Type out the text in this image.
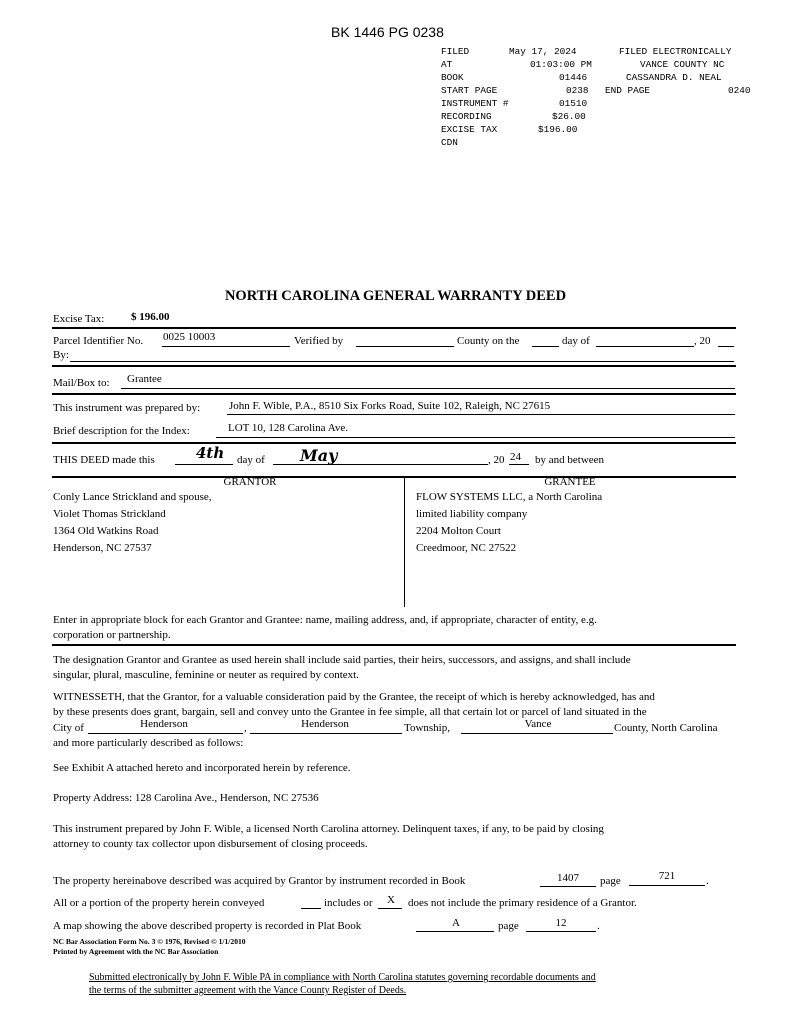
BK 1446 PG 0238
FILED	May 17, 2024	FILED ELECTRONICALLY
AT	01:03:00 PM	VANCE COUNTY NC
BOOK	01446	CASSANDRA D. NEAL
START PAGE	0238 END PAGE	0240
INSTRUMENT #	01510
RECORDING	$26.00
EXCISE TAX	$196.00
CDN
NORTH CAROLINA GENERAL WARRANTY DEED
Excise Tax: $ 196.00
Parcel Identifier No. 0025 10003	Verified by	County on the	day of	, 20
By:
Mail/Box to: Grantee
This instrument was prepared by:	John F. Wible, P.A., 8510 Six Forks Road, Suite 102, Raleigh, NC 27615
Brief description for the Index:	LOT 10, 128 Carolina Ave.
THIS DEED made this	4th day of May	, 20 24 by and between
GRANTOR	GRANTEE
Conly Lance Strickland and spouse,
Violet Thomas Strickland
1364 Old Watkins Road
Henderson, NC 27537
FLOW SYSTEMS LLC, a North Carolina
limited liability company
2204 Molton Court
Creedmoor, NC 27522
Enter in appropriate block for each Grantor and Grantee: name, mailing address, and, if appropriate, character of entity, e.g.
corporation or partnership.
The designation Grantor and Grantee as used herein shall include said parties, their heirs, successors, and assigns, and shall include
singular, plural, masculine, feminine or neuter as required by context.
WITNESSETH, that the Grantor, for a valuable consideration paid by the Grantee, the receipt of which is hereby acknowledged, has and
by these presents does grant, bargain, sell and convey unto the Grantee in fee simple, all that certain lot or parcel of land situated in the
City of	Henderson	,	Henderson	Township,	Vance	County, North Carolina
and more particularly described as follows:
See Exhibit A attached hereto and incorporated herein by reference.
Property Address: 128 Carolina Ave., Henderson, NC 27536
This instrument prepared by John F. Wible, a licensed North Carolina attorney. Delinquent taxes, if any, to be paid by closing
attorney to county tax collector upon disbursement of closing proceeds.
The property hereinabove described was acquired by Grantor by instrument recorded in Book	1407	page	721	.
All or a portion of the property herein conveyed	includes or	X	does not include the primary residence of a Grantor.
A map showing the above described property is recorded in Plat Book	A	page	12	.
NC Bar Association Form No. 3 © 1976, Revised © 1/1/2010
Printed by Agreement with the NC Bar Association
Submitted electronically by John F. Wible PA in compliance with North Carolina statutes governing recordable documents and
the terms of the submitter agreement with the Vance County Register of Deeds.
